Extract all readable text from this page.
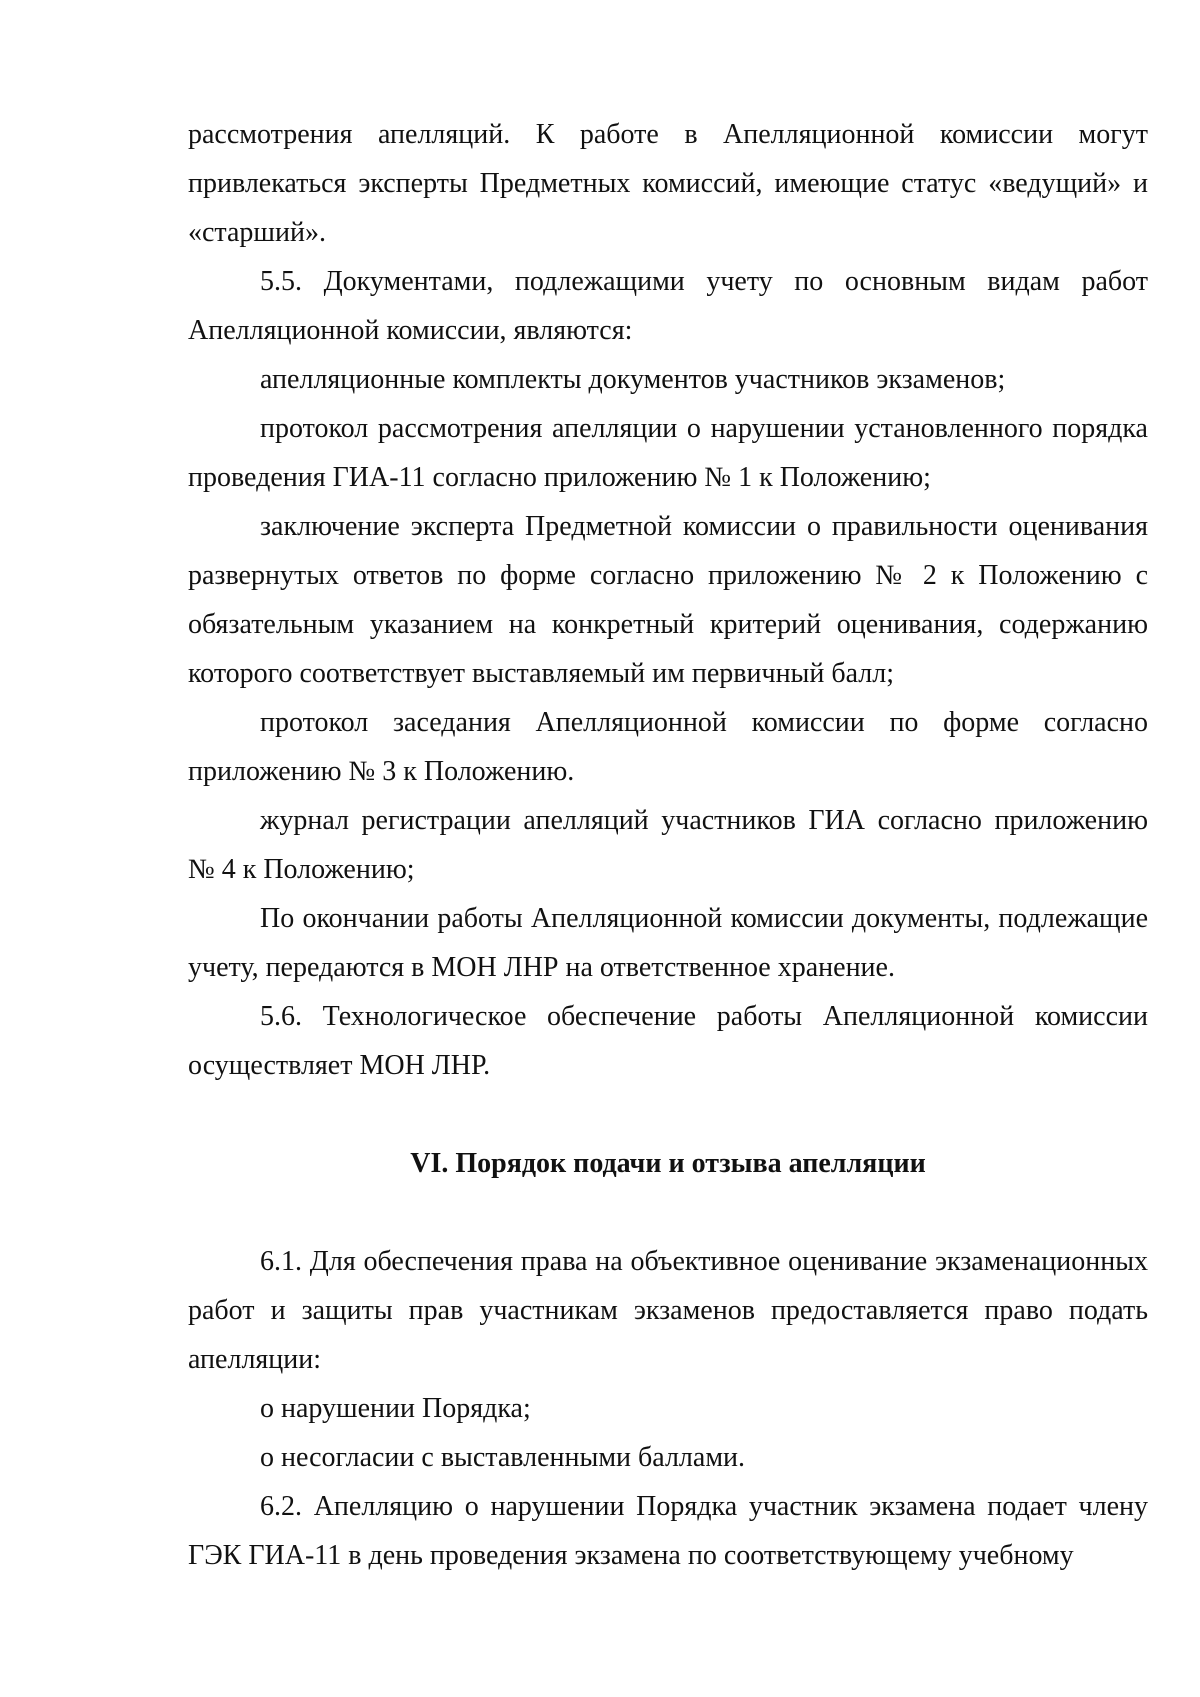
рассмотрения апелляций. К работе в Апелляционной комиссии могут привлекаться эксперты Предметных комиссий, имеющие статус «ведущий» и «старший».

5.5. Документами, подлежащими учету по основным видам работ Апелляционной комиссии, являются:

апелляционные комплекты документов участников экзаменов;

протокол рассмотрения апелляции о нарушении установленного порядка проведения ГИА-11 согласно приложению № 1 к Положению;

заключение эксперта Предметной комиссии о правильности оценивания развернутых ответов по форме согласно приложению № 2 к Положению с обязательным указанием на конкретный критерий оценивания, содержанию которого соответствует выставляемый им первичный балл;

протокол заседания Апелляционной комиссии по форме согласно приложению № 3 к Положению.

журнал регистрации апелляций участников ГИА согласно приложению № 4 к Положению;

По окончании работы Апелляционной комиссии документы, подлежащие учету, передаются в МОН ЛНР на ответственное хранение.

5.6. Технологическое обеспечение работы Апелляционной комиссии осуществляет МОН ЛНР.

VI. Порядок подачи и отзыва апелляции

6.1. Для обеспечения права на объективное оценивание экзаменационных работ и защиты прав участникам экзаменов предоставляется право подать апелляции:

о нарушении Порядка;

о несогласии с выставленными баллами.

6.2. Апелляцию о нарушении Порядка участник экзамена подает члену ГЭК ГИА-11 в день проведения экзамена по соответствующему учебному
